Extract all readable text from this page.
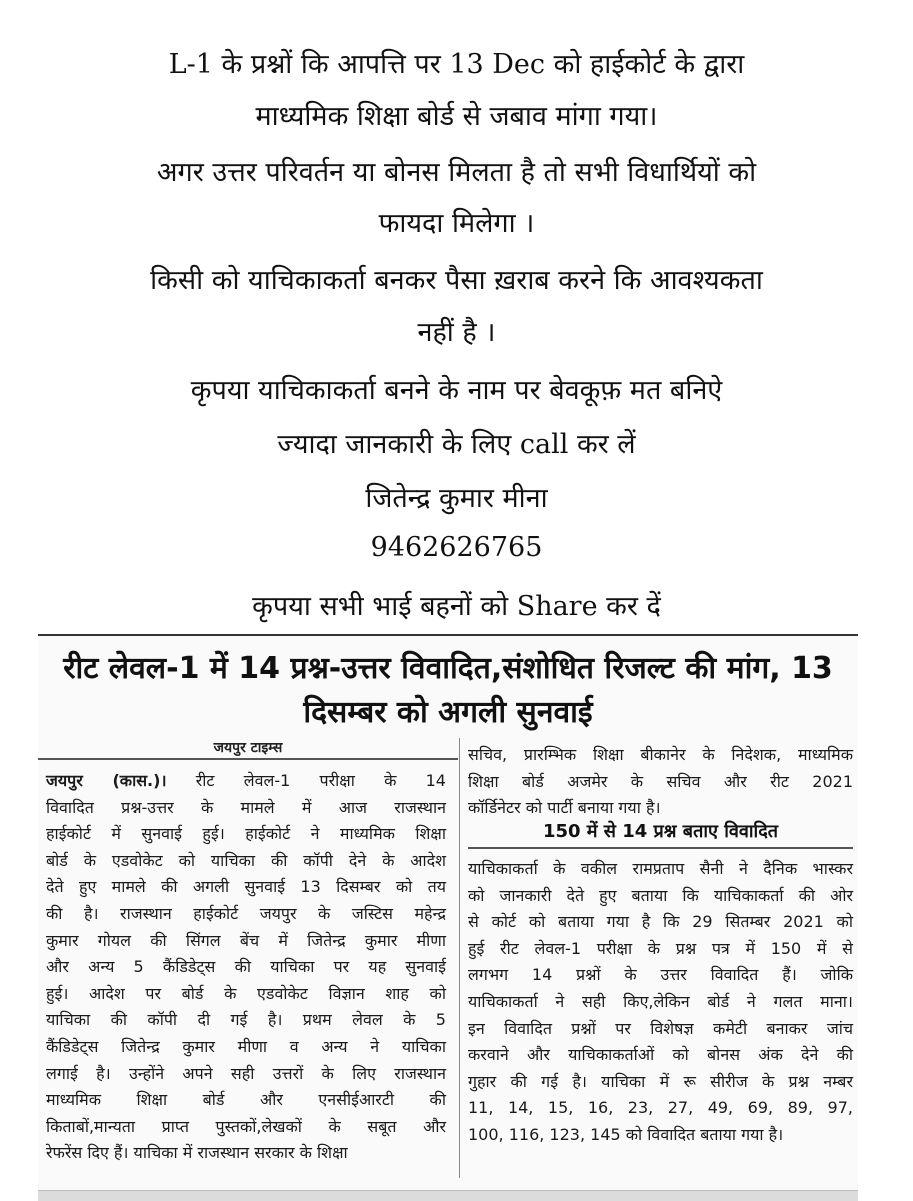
L-1 के प्रश्नों कि आपत्ति पर 13 Dec को हाईकोर्ट के द्वारा
माध्यमिक शिक्षा बोर्ड से जबाव मांगा गया।
अगर उत्तर परिवर्तन या बोनस मिलता है तो सभी विधार्थियों को
फायदा मिलेगा ।
किसी को याचिकाकर्ता बनकर पैसा ख़राब करने कि आवश्यकता
नहीं है ।
कृपया याचिकाकर्ता बनने के नाम पर बेवकूफ़ मत बनिऐ
ज्यादा जानकारी के लिए call कर लें
जितेन्द्र कुमार मीना
9462626765
कृपया सभी भाई बहनों को Share कर दें
रीट लेवल-1 में 14 प्रश्न-उत्तर विवादित,संशोधित रिजल्ट की मांग, 13
दिसम्बर को अगली सुनवाई
जयपुर टाइम्स
जयपुर (कास.)। रीट लेवल-1 परीक्षा के 14
विवादित प्रश्न-उत्तर के मामले में आज राजस्थान
हाईकोर्ट में सुनवाई हुई। हाईकोर्ट ने माध्यमिक शिक्षा
बोर्ड के एडवोकेट को याचिका की कॉपी देने के आदेश
देते हुए मामले की अगली सुनवाई 13 दिसम्बर को तय
की है। राजस्थान हाईकोर्ट जयपुर के जस्टिस महेन्द्र
कुमार गोयल की सिंगल बेंच में जितेन्द्र कुमार मीणा
और अन्य 5 कैंडिडेट्स की याचिका पर यह सुनवाई
हुई। आदेश पर बोर्ड के एडवोकेट विज्ञान शाह को
याचिका की कॉपी दी गई है। प्रथम लेवल के 5
कैंडिडेट्स जितेन्द्र कुमार मीणा व अन्य ने याचिका
लगाई है। उन्होंने अपने सही उत्तरों के लिए राजस्थान
माध्यमिक शिक्षा बोर्ड और एनसीईआरटी की
किताबों,मान्यता प्राप्त पुस्तकों,लेखकों के सबूत और
रेफरेंस दिए हैं। याचिका में राजस्थान सरकार के शिक्षा
सचिव, प्रारम्भिक शिक्षा बीकानेर के निदेशक, माध्यमिक
शिक्षा बोर्ड अजमेर के सचिव और रीट 2021
कॉर्डिनेटर को पार्टी बनाया गया है।
150 में से 14 प्रश्न बताए विवादित
याचिकाकर्ता के वकील रामप्रताप सैनी ने दैनिक भास्कर
को जानकारी देते हुए बताया कि याचिकाकर्ता की ओर
से कोर्ट को बताया गया है कि 29 सितम्बर 2021 को
हुई रीट लेवल-1 परीक्षा के प्रश्न पत्र में 150 में से
लगभग 14 प्रश्नों के उत्तर विवादित हैं। जोकि
याचिकाकर्ता ने सही किए,लेकिन बोर्ड ने गलत माना।
इन विवादित प्रश्नों पर विशेषज्ञ कमेटी बनाकर जांच
करवाने और याचिकाकर्ताओं को बोनस अंक देने की
गुहार की गई है। याचिका में रू सीरीज के प्रश्न नम्बर
11, 14, 15, 16, 23, 27, 49, 69, 89, 97,
100, 116, 123, 145 को विवादित बताया गया है।
